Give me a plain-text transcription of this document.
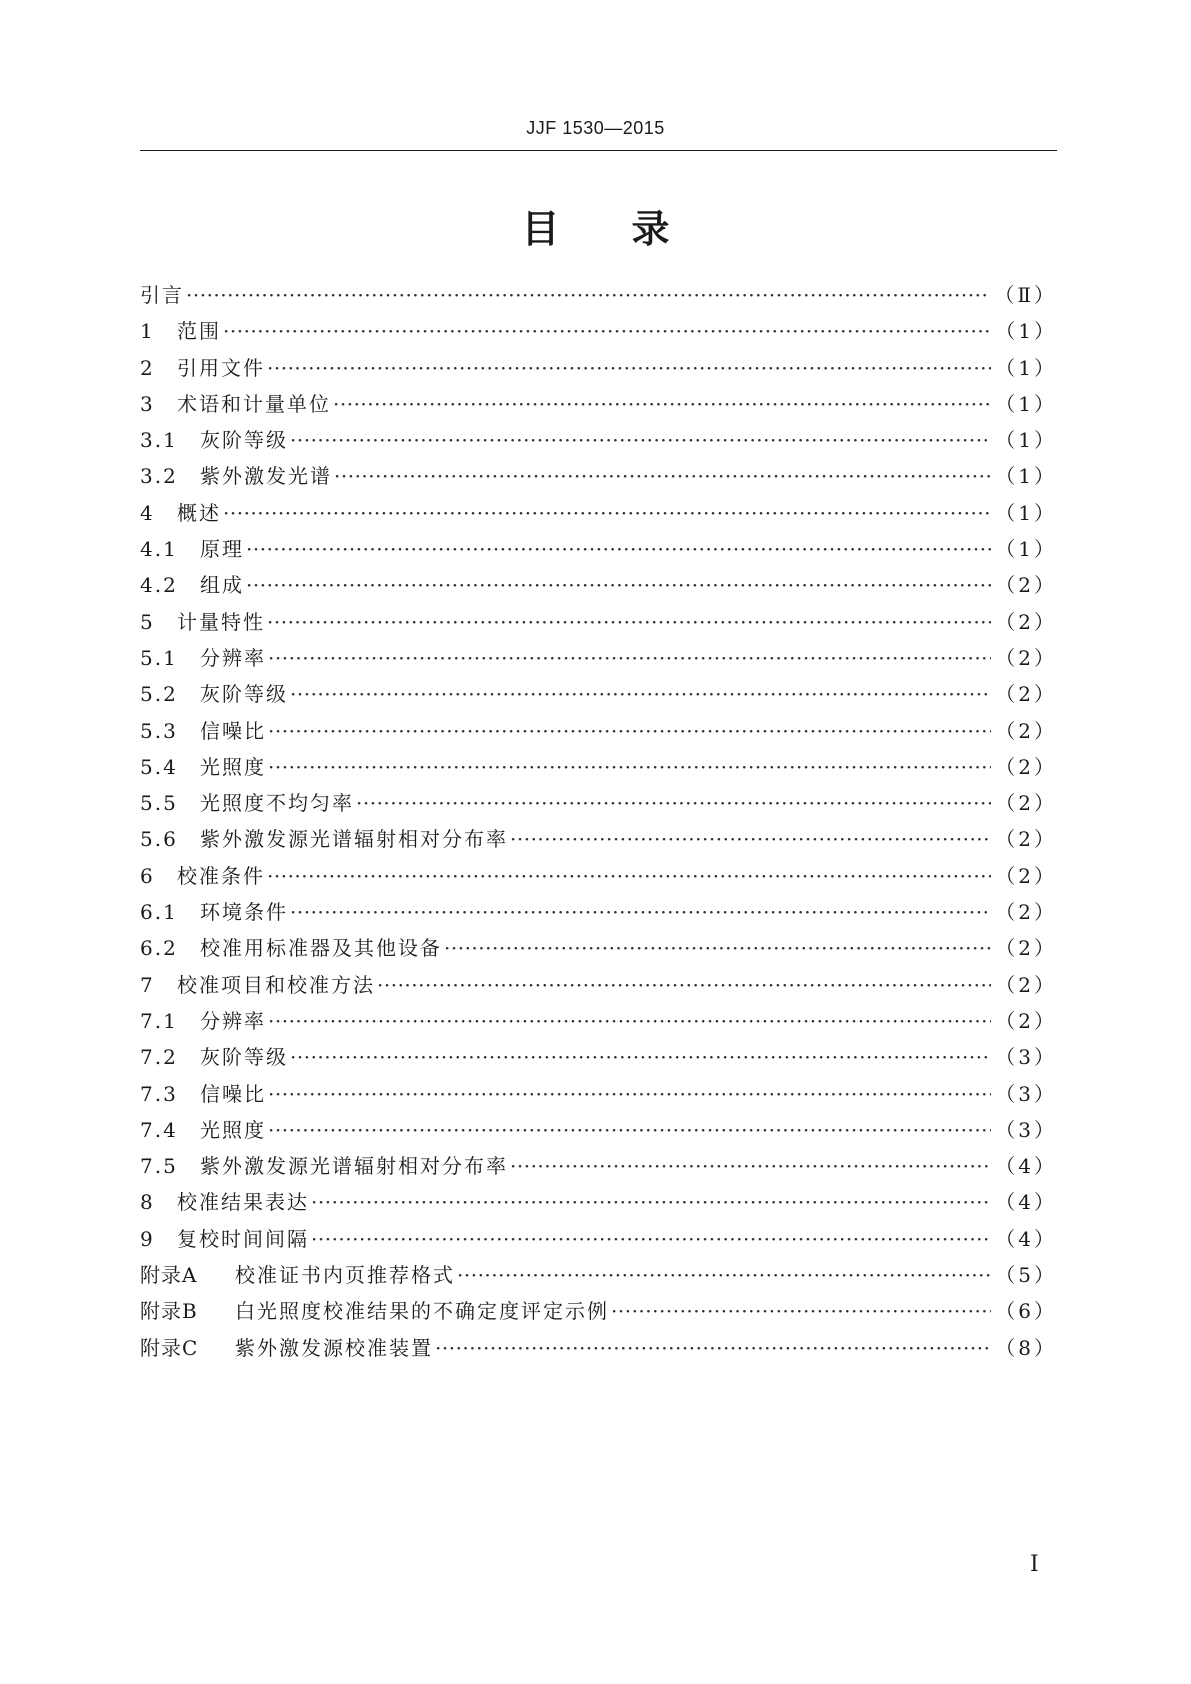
JJF 1530—2015
目 录
引言 ·····	（Ⅱ）
1	范围 ·····	（1）
2	引用文件 ·····	（1）
3	术语和计量单位 ·····	（1）
3.1	灰阶等级 ·····	（1）
3.2	紫外激发光谱 ·····	（1）
4	概述 ·····	（1）
4.1	原理 ·····	（1）
4.2	组成 ·····	（2）
5	计量特性 ·····	（2）
5.1	分辨率 ·····	（2）
5.2	灰阶等级 ·····	（2）
5.3	信噪比 ·····	（2）
5.4	光照度 ·····	（2）
5.5	光照度不均匀率 ·····	（2）
5.6	紫外激发源光谱辐射相对分布率 ·····	（2）
6	校准条件 ·····	（2）
6.1	环境条件 ·····	（2）
6.2	校准用标准器及其他设备 ·····	（2）
7	校准项目和校准方法 ·····	（2）
7.1	分辨率 ·····	（2）
7.2	灰阶等级 ·····	（3）
7.3	信噪比 ·····	（3）
7.4	光照度 ·····	（3）
7.5	紫外激发源光谱辐射相对分布率 ·····	（4）
8	校准结果表达 ·····	（4）
9	复校时间间隔 ·····	（4）
附录A	校准证书内页推荐格式 ·····	（5）
附录B	白光照度校准结果的不确定度评定示例 ·····	（6）
附录C	紫外激发源校准装置 ·····	（8）
Ⅰ
